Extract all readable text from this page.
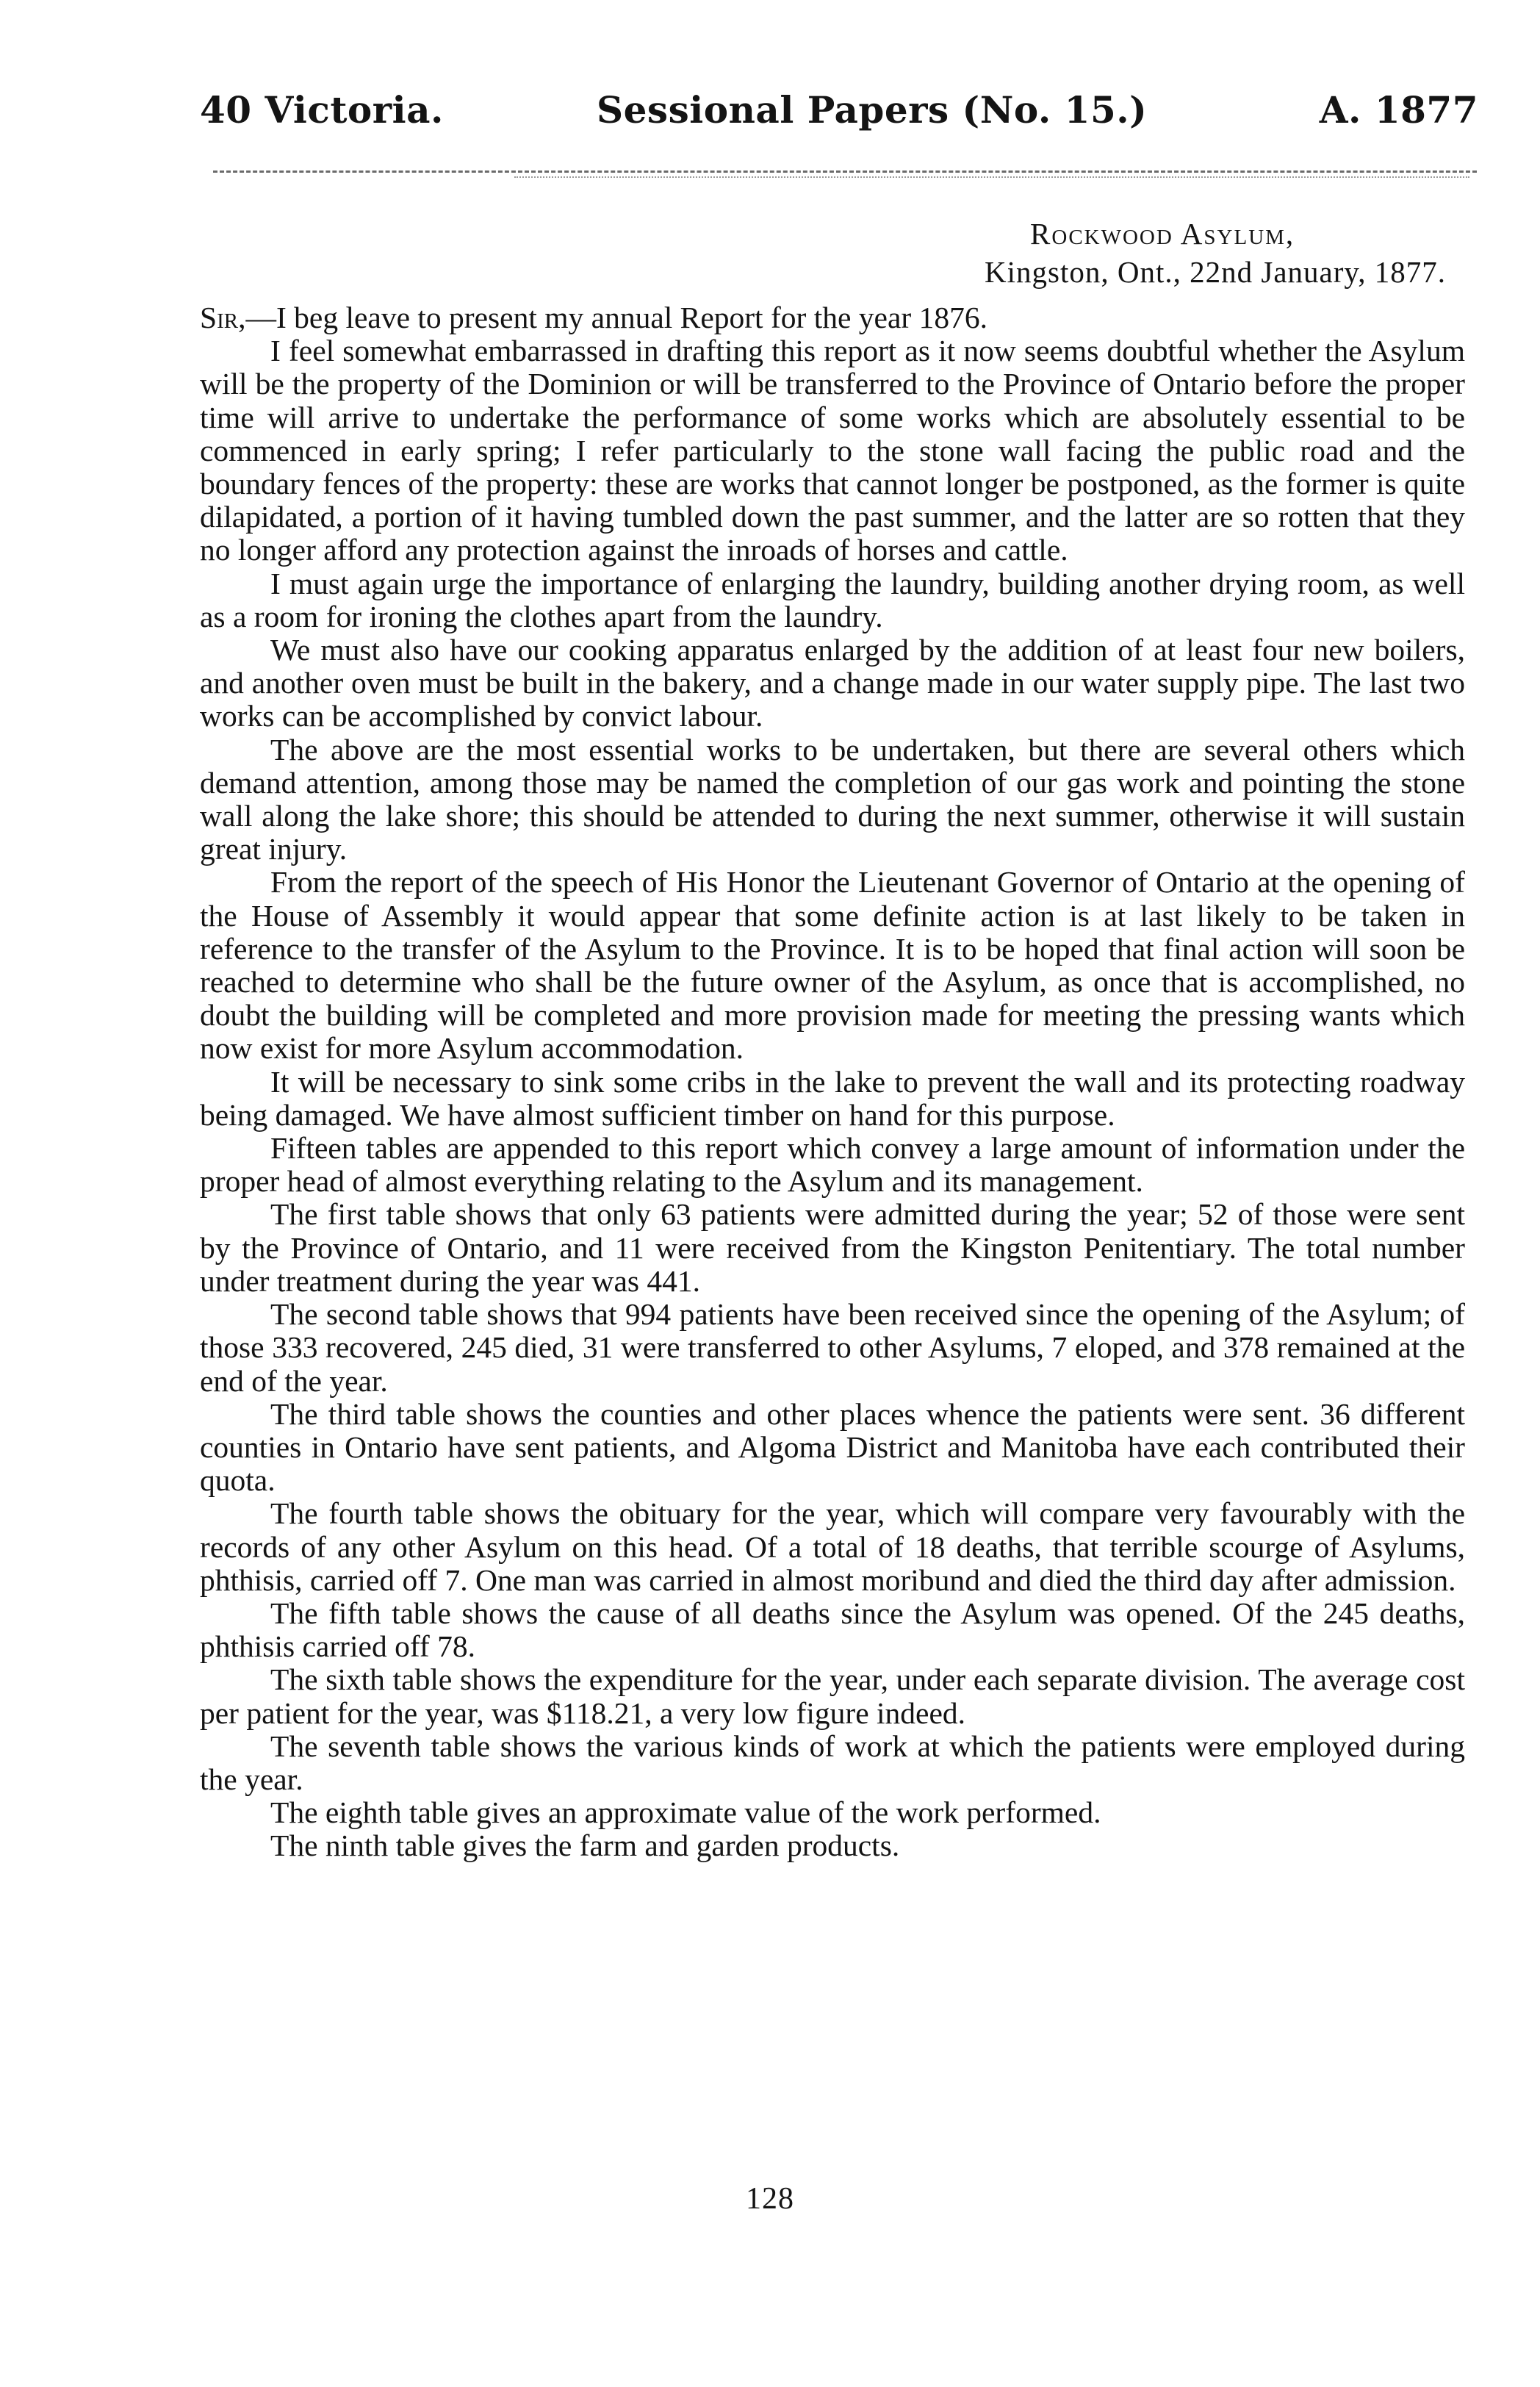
40 Victoria.	Sessional Papers (No. 15.)	A. 1877
Rockwood Asylum,
Kingston, Ont., 22nd January, 1877.

Sir,—I beg leave to present my annual Report for the year 1876.

I feel somewhat embarrassed in drafting this report as it now seems doubtful whether the Asylum will be the property of the Dominion or will be transferred to the Province of Ontario before the proper time will arrive to undertake the performance of some works which are absolutely essential to be commenced in early spring; I refer particularly to the stone wall facing the public road and the boundary fences of the property: these are works that cannot longer be postponed, as the former is quite dilapidated, a portion of it having tumbled down the past summer, and the latter are so rotten that they no longer afford any protection against the inroads of horses and cattle.

I must again urge the importance of enlarging the laundry, building another drying room, as well as a room for ironing the clothes apart from the laundry.

We must also have our cooking apparatus enlarged by the addition of at least four new boilers, and another oven must be built in the bakery, and a change made in our water supply pipe. The last two works can be accomplished by convict labour.

The above are the most essential works to be undertaken, but there are several others which demand attention, among those may be named the completion of our gas work and pointing the stone wall along the lake shore; this should be attended to during the next summer, otherwise it will sustain great injury.

From the report of the speech of His Honor the Lieutenant Governor of Ontario at the opening of the House of Assembly it would appear that some definite action is at last likely to be taken in reference to the transfer of the Asylum to the Province. It is to be hoped that final action will soon be reached to determine who shall be the future owner of the Asylum, as once that is accomplished, no doubt the building will be completed and more provision made for meeting the pressing wants which now exist for more Asylum accommodation.

It will be necessary to sink some cribs in the lake to prevent the wall and its protecting roadway being damaged. We have almost sufficient timber on hand for this purpose.

Fifteen tables are appended to this report which convey a large amount of information under the proper head of almost everything relating to the Asylum and its management.

The first table shows that only 63 patients were admitted during the year; 52 of those were sent by the Province of Ontario, and 11 were received from the Kingston Penitentiary. The total number under treatment during the year was 441.

The second table shows that 994 patients have been received since the opening of the Asylum; of those 333 recovered, 245 died, 31 were transferred to other Asylums, 7 eloped, and 378 remained at the end of the year.

The third table shows the counties and other places whence the patients were sent. 36 different counties in Ontario have sent patients, and Algoma District and Manitoba have each contributed their quota.

The fourth table shows the obituary for the year, which will compare very favourably with the records of any other Asylum on this head. Of a total of 18 deaths, that terrible scourge of Asylums, phthisis, carried off 7. One man was carried in almost moribund and died the third day after admission.

The fifth table shows the cause of all deaths since the Asylum was opened. Of the 245 deaths, phthisis carried off 78.

The sixth table shows the expenditure for the year, under each separate division. The average cost per patient for the year, was $118.21, a very low figure indeed.

The seventh table shows the various kinds of work at which the patients were employed during the year.

The eighth table gives an approximate value of the work performed.

The ninth table gives the farm and garden products.

128
